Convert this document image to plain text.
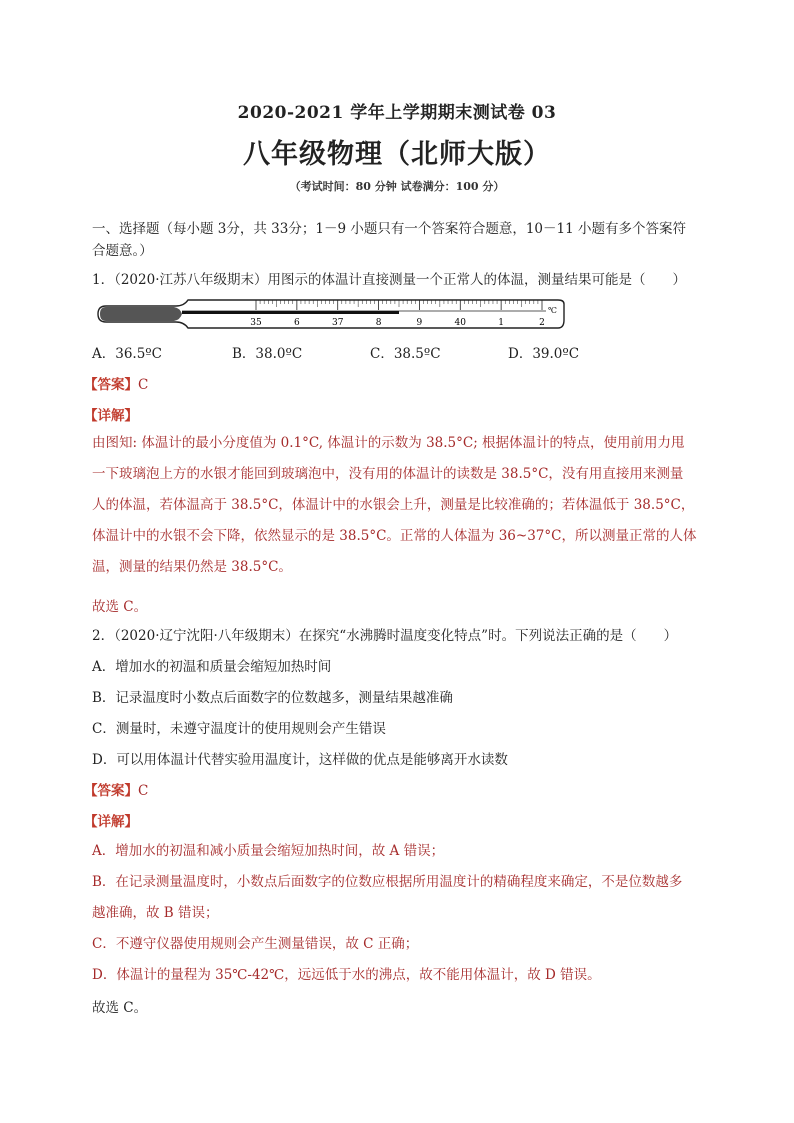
2020-2021 学年上学期期末测试卷 03
八年级物理（北师大版）
（考试时间：80 分钟 试卷满分：100 分）
一、选择题（每小题 3分，共 33分；1－9 小题只有一个答案符合题意，10－11 小题有多个答案符
合题意。）
1．（2020·江苏八年级期末）用图示的体温计直接测量一个正常人的体温，测量结果可能是（　　）
35	6	37	8	9	40	1	2
℃
A．36.5ºC	B．38.0ºC	C．38.5ºC	D．39.0ºC
【答案】C
【详解】
由图知: 体温计的最小分度值为 0.1°C, 体温计的示数为 38.5°C; 根据体温计的特点，使用前用力甩
一下玻璃泡上方的水银才能回到玻璃泡中，没有用的体温计的读数是 38.5°C，没有用直接用来测量
人的体温，若体温高于 38.5°C，体温计中的水银会上升，测量是比较准确的；若体温低于 38.5°C，
体温计中的水银不会下降，依然显示的是 38.5°C。正常的人体温为 36~37°C，所以测量正常的人体
温，测量的结果仍然是 38.5°C。
故选 C。
2．（2020·辽宁沈阳·八年级期末）在探究“水沸腾时温度变化特点”时。下列说法正确的是（　　）
A．增加水的初温和质量会缩短加热时间
B．记录温度时小数点后面数字的位数越多，测量结果越准确
C．测量时，未遵守温度计的使用规则会产生错误
D．可以用体温计代替实验用温度计，这样做的优点是能够离开水读数
【答案】C
【详解】
A．增加水的初温和减小质量会缩短加热时间，故 A 错误；
B．在记录测量温度时，小数点后面数字的位数应根据所用温度计的精确程度来确定，不是位数越多
越准确，故 B 错误；
C．不遵守仪器使用规则会产生测量错误，故 C 正确；
D．体温计的量程为 35℃-42℃，远远低于水的沸点，故不能用体温计，故 D 错误。
故选 C。
